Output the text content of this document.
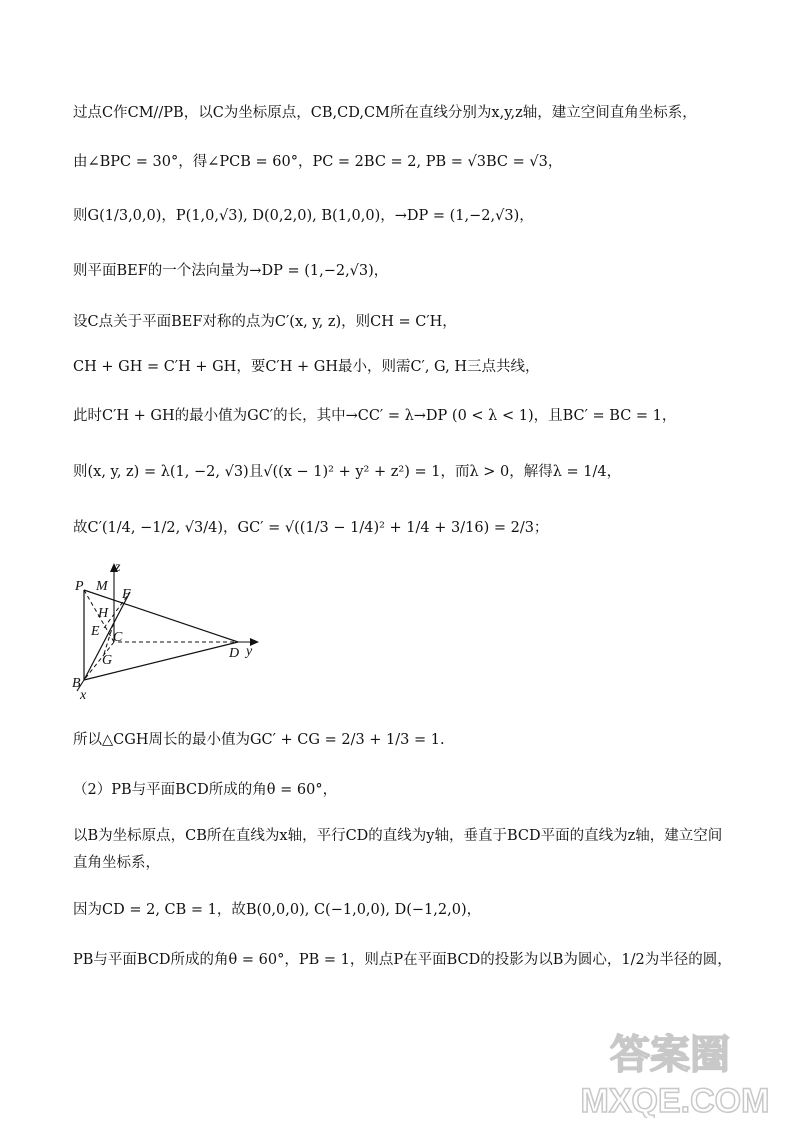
过点C作CM//PB，以C为坐标原点，CB,CD,CM所在直线分别为x,y,z轴，建立空间直角坐标系，
由∠BPC = 30°，得∠PCB = 60°，PC = 2BC = 2, PB = √3BC = √3，
则G(1/3,0,0)，P(1,0,√3), D(0,2,0), B(1,0,0)，→DP = (1,−2,√3)，
则平面BEF的一个法向量为→DP = (1,−2,√3)，
设C点关于平面BEF对称的点为C′(x, y, z)，则CH = C′H，
CH + GH = C′H + GH，要C′H + GH最小，则需C′, G, H三点共线，
此时C′H + GH的最小值为GC′的长，其中→CC′ = λ→DP (0 < λ < 1)，且BC′ = BC = 1，
则(x, y, z) = λ(1, −2, √3)且√((x − 1)² + y² + z²) = 1，而λ > 0，解得λ = 1/4，
故C′(1/4, −1/2, √3/4)，GC′ = √((1/3 − 1/4)² + 1/4 + 3/16) = 2/3；
z
P M
F
H
E C
G	D y
B
x
所以△CGH周长的最小值为GC′ + CG = 2/3 + 1/3 = 1.
（2）PB与平面BCD所成的角θ = 60°，
以B为坐标原点，CB所在直线为x轴，平行CD的直线为y轴，垂直于BCD平面的直线为z轴，建立空间
直角坐标系，
因为CD = 2, CB = 1，故B(0,0,0), C(−1,0,0), D(−1,2,0)，
PB与平面BCD所成的角θ = 60°，PB = 1，则点P在平面BCD的投影为以B为圆心，1/2为半径的圆，
答案圈
MXQE.COM
